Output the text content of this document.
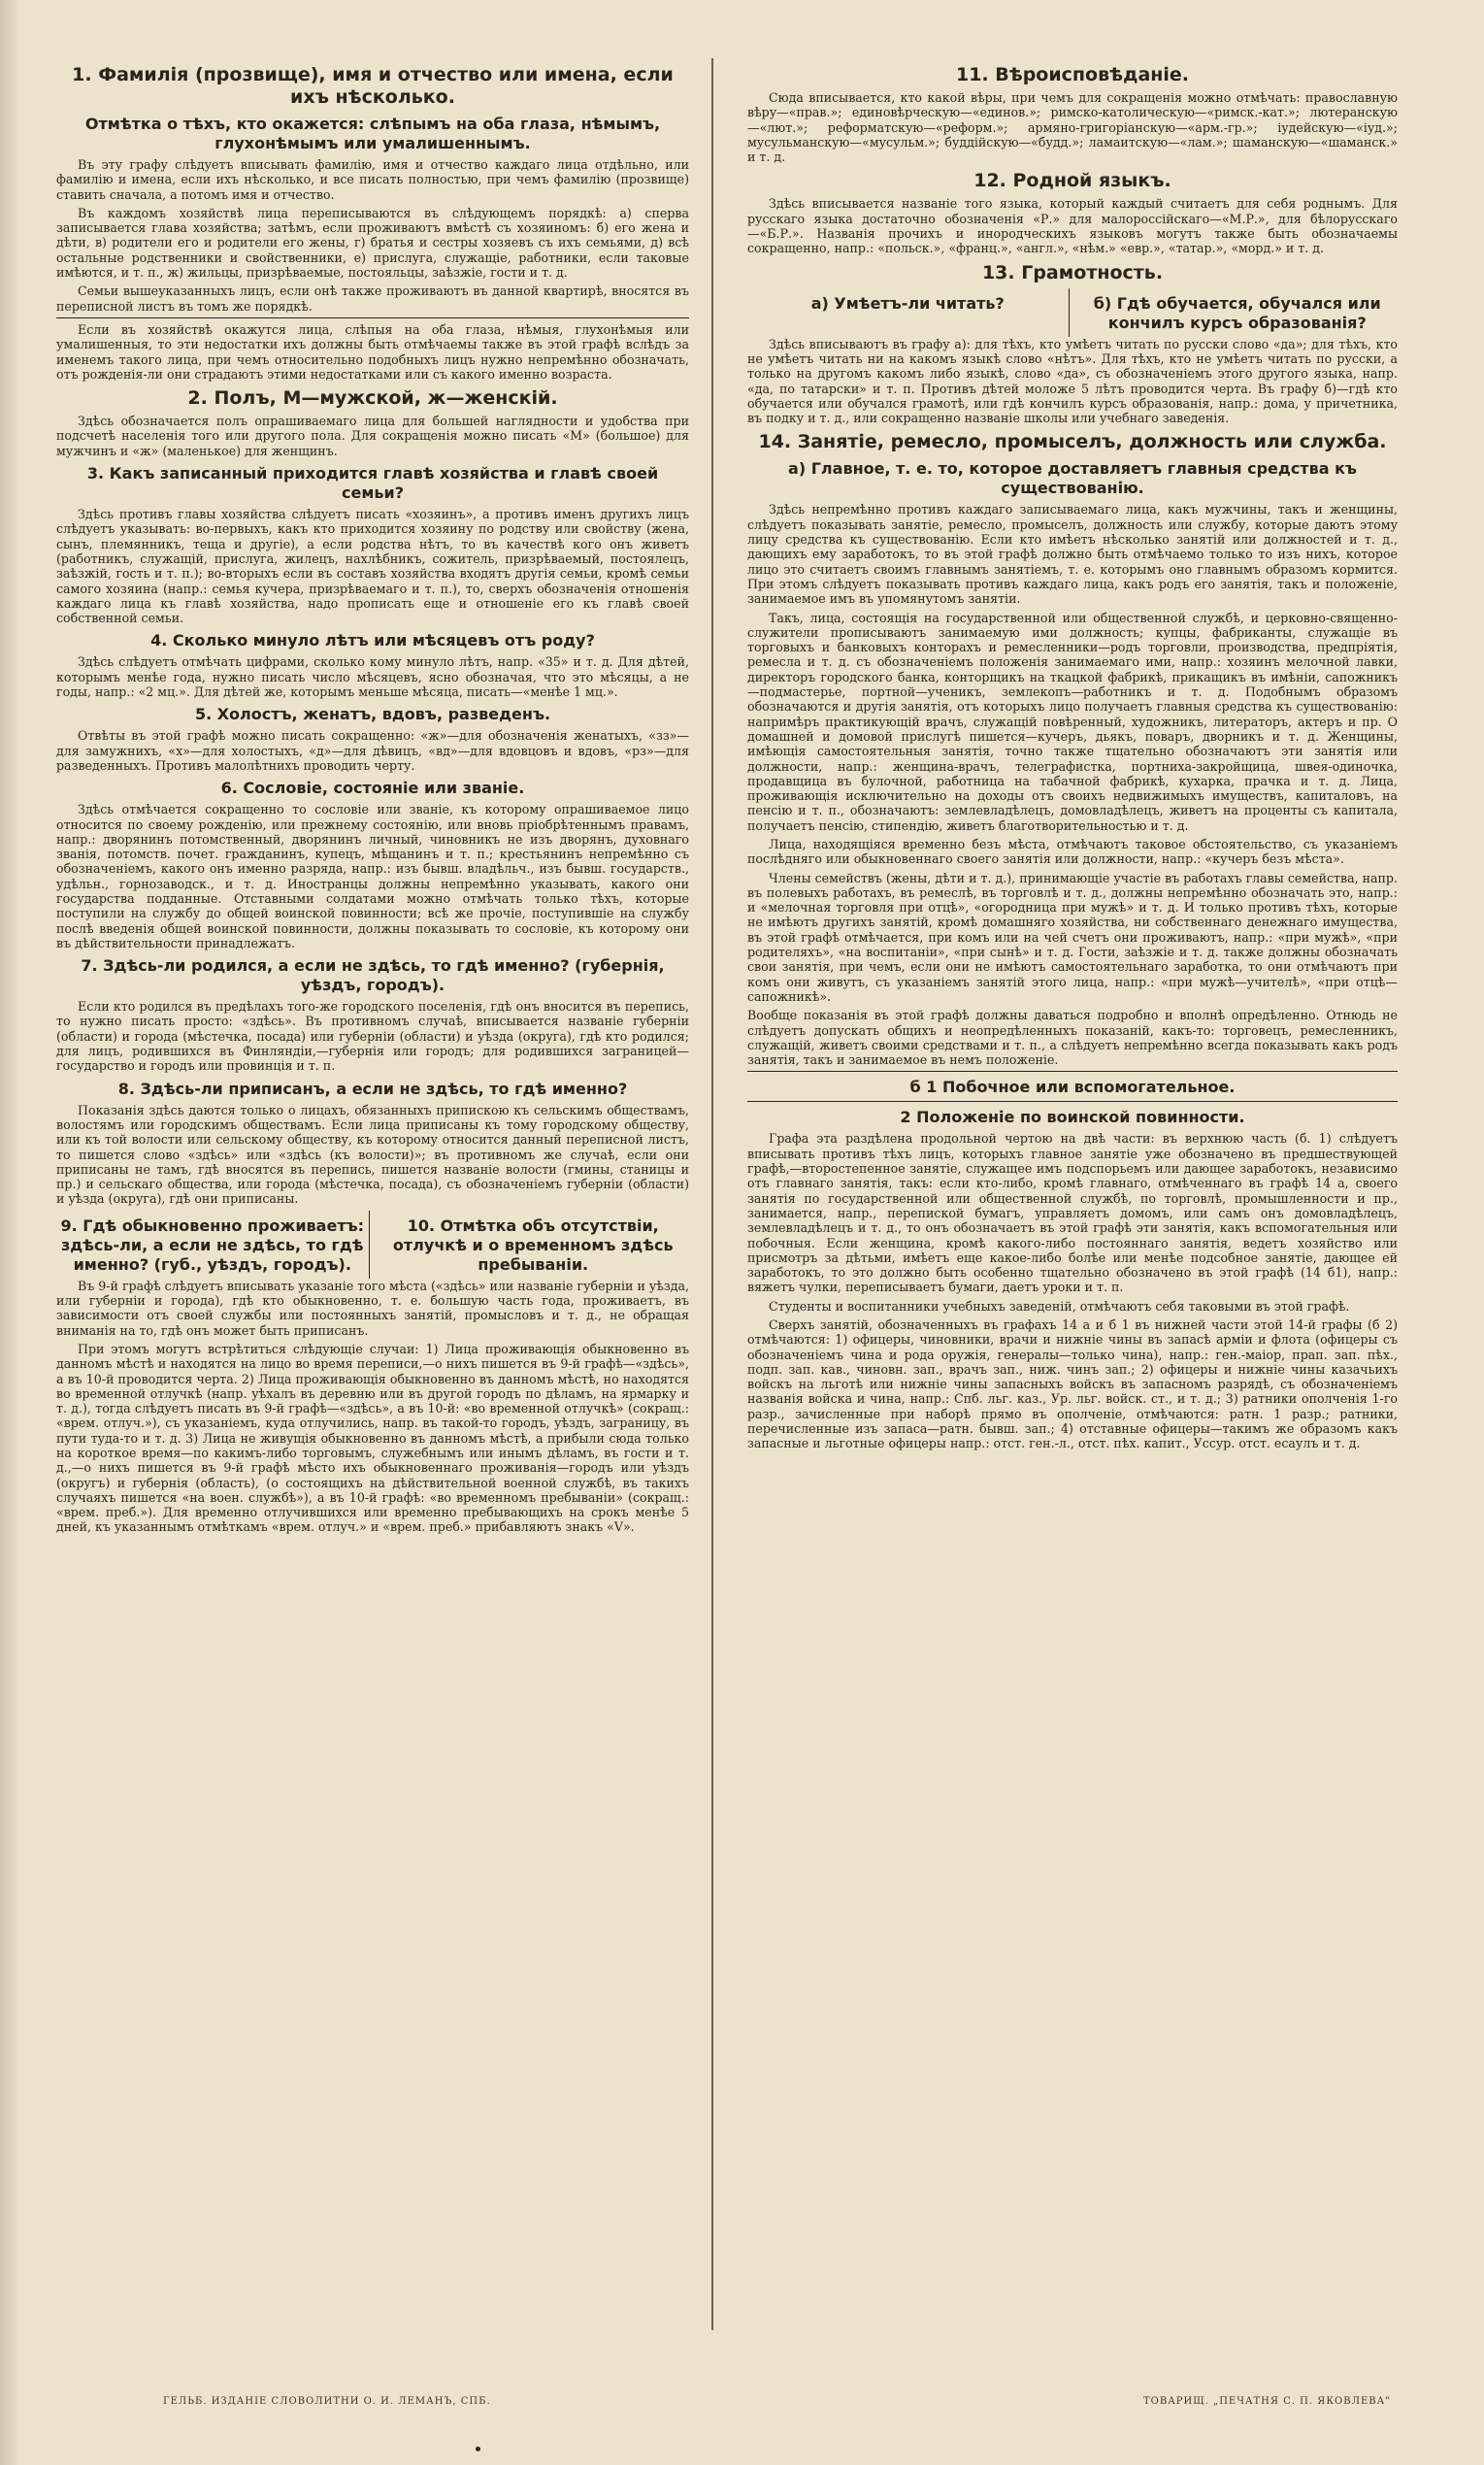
1. Фамилія (прозвище), имя и отчество или имена, если ихъ нѣсколько.
Отмѣтка о тѣхъ, кто окажется: слѣпымъ на оба глаза, нѣмымъ, глухонѣмымъ или умалишеннымъ.

Въ эту графу слѣдуетъ вписывать фамилію, имя и отчество каждаго лица отдѣльно, или фамилію и имена, если ихъ нѣсколько, и все писать полностью, при чемъ фамилію (прозвище) ставить сначала, а потомъ имя и отчество.

Въ каждомъ хозяйствѣ лица переписываются въ слѣдующемъ порядкѣ: а) сперва записывается глава хозяйства; затѣмъ, если проживаютъ вмѣстѣ съ хозяиномъ: б) его жена и дѣти, в) родители его и родители его жены, г) братья и сестры хозяевъ съ ихъ семьями, д) всѣ остальные родственники и свойственники, е) прислуга, служащіе, работники, если таковые имѣются, и т. п., ж) жильцы, призрѣваемые, постояльцы, заѣзжіе, гости и т. д.

Семьи вышеуказанныхъ лицъ, если онѣ также проживаютъ въ данной квартирѣ, вносятся въ переписной листъ въ томъ же порядкѣ.

Если въ хозяйствѣ окажутся лица, слѣпыя на оба глаза, нѣмыя, глухонѣмыя или умалишенныя, то эти недостатки ихъ должны быть отмѣчаемы также въ этой графѣ вслѣдъ за именемъ такого лица, при чемъ относительно подобныхъ лицъ нужно непремѣнно обозначать, отъ рожденія-ли они страдаютъ этими недостатками или съ какого именно возраста.

2. Полъ, М—мужской, ж—женскій.

Здѣсь обозначается полъ опрашиваемаго лица для большей наглядности и удобства при подсчетѣ населенія того или другого пола. Для сокращенія можно писать «М» (большое) для мужчинъ и «ж» (маленькое) для женщинъ.

3. Какъ записанный приходится главѣ хозяйства и главѣ своей семьи?

Здѣсь противъ главы хозяйства слѣдуетъ писать «хозяинъ», а противъ именъ другихъ лицъ слѣдуетъ указывать: во-первыхъ, какъ кто приходится хозяину по родству или свойству (жена, сынъ, племянникъ, теща и другіе), а если родства нѣтъ, то въ качествѣ кого онъ живетъ (работникъ, служащій, прислуга, жилецъ, нахлѣбникъ, сожитель, призрѣваемый, постоялецъ, заѣзжій, гость и т. п.); во-вторыхъ если въ составъ хозяйства входятъ другія семьи, кромѣ семьи самого хозяина (напр.: семья кучера, призрѣваемаго и т. п.), то, сверхъ обозначенія отношенія каждаго лица къ главѣ хозяйства, надо прописать еще и отношеніе его къ главѣ своей собственной семьи.

4. Сколько минуло лѣтъ или мѣсяцевъ отъ роду?

Здѣсь слѣдуетъ отмѣчать цифрами, сколько кому минуло лѣтъ, напр. «35» и т. д. Для дѣтей, которымъ менѣе года, нужно писать число мѣсяцевъ, ясно обозначая, что это мѣсяцы, а не годы, напр.: «2 мц.». Для дѣтей же, которымъ меньше мѣсяца, писать—«менѣе 1 мц.».

5. Холостъ, женатъ, вдовъ, разведенъ.

Отвѣты въ этой графѣ можно писать сокращенно: «ж»—для обозначенія женатыхъ, «зз»—для замужнихъ, «х»—для холостыхъ, «д»—для дѣвицъ, «вд»—для вдовцовъ и вдовъ, «рз»—для разведенныхъ. Противъ малолѣтнихъ проводить черту.

6. Сословіе, состояніе или званіе.

Здѣсь отмѣчается сокращенно то сословіе или званіе, къ которому опрашиваемое лицо относится по своему рожденію, или прежнему состоянію, или вновь пріобрѣтеннымъ правамъ, напр.: дворянинъ потомственный, дворянинъ личный, чиновникъ не изъ дворянъ, духовнаго званія, потомств. почет. гражданинъ, купецъ, мѣщанинъ и т. п.; крестьянинъ непремѣнно съ обозначеніемъ, какого онъ именно разряда, напр.: изъ бывш. владѣльч., изъ бывш. государств., удѣльн., горнозаводск., и т. д. Иностранцы должны непремѣнно указывать, какого они государства подданные. Отставными солдатами можно отмѣчать только тѣхъ, которые поступили на службу до общей воинской повинности; всѣ же прочіе, поступившіе на службу послѣ введенія общей воинской повинности, должны показывать то сословіе, къ которому они въ дѣйствительности принадлежатъ.

7. Здѣсь-ли родился, а если не здѣсь, то гдѣ именно? (губернія, уѣздъ, городъ).

Если кто родился въ предѣлахъ того-же городского поселенія, гдѣ онъ вносится въ перепись, то нужно писать просто: «здѣсь». Въ противномъ случаѣ, вписывается названіе губерніи (области) и города (мѣстечка, посада) или губерніи (области) и уѣзда (округа), гдѣ кто родился; для лицъ, родившихся въ Финляндіи,—губернія или городъ; для родившихся заграницей—государство и городъ или провинція и т. п.

8. Здѣсь-ли приписанъ, а если не здѣсь, то гдѣ именно?

Показанія здѣсь даются только о лицахъ, обязанныхъ припискою къ сельскимъ обществамъ, волостямъ или городскимъ обществамъ. Если лица приписаны къ тому городскому обществу, или къ той волости или сельскому обществу, къ которому относится данный переписной листъ, то пишется слово «здѣсь» или «здѣсь (къ волости)»; въ противномъ же случаѣ, если они приписаны не тамъ, гдѣ вносятся въ перепись, пишется названіе волости (гмины, станицы и пр.) и сельскаго общества, или города (мѣстечка, посада), съ обозначеніемъ губерніи (области) и уѣзда (округа), гдѣ они приписаны.

9. Гдѣ обыкновенно проживаетъ: здѣсь-ли, а если не здѣсь, то гдѣ именно? (губ., уѣздъ, городъ).
10. Отмѣтка объ отсутствіи, отлучкѣ и о временномъ здѣсь пребываніи.

Въ 9-й графѣ слѣдуетъ вписывать указаніе того мѣста («здѣсь» или названіе губерніи и уѣзда, или губерніи и города), гдѣ кто обыкновенно, т. е. большую часть года, проживаетъ, въ зависимости отъ своей службы или постоянныхъ занятій, промысловъ и т. д., не обращая вниманія на то, гдѣ онъ может быть приписанъ.

При этомъ могутъ встрѣтиться слѣдующіе случаи: 1) Лица проживающія обыкновенно въ данномъ мѣстѣ и находятся на лицо во время переписи,—о нихъ пишется въ 9-й графѣ—«здѣсь», а въ 10-й проводится черта. 2) Лица проживающія обыкновенно въ данномъ мѣстѣ, но находятся во временной отлучкѣ (напр. уѣхалъ въ деревню или въ другой городъ по дѣламъ, на ярмарку и т. д.), тогда слѣдуетъ писать въ 9-й графѣ—«здѣсь», а въ 10-й: «во временной отлучкѣ» (сокращ.: «врем. отлуч.»), съ указаніемъ, куда отлучились, напр. въ такой-то городъ, уѣздъ, заграницу, въ пути туда-то и т. д. 3) Лица не живущія обыкновенно въ данномъ мѣстѣ, а прибыли сюда только на короткое время—по какимъ-либо торговымъ, служебнымъ или инымъ дѣламъ, въ гости и т. д.,—о нихъ пишется въ 9-й графѣ мѣсто ихъ обыкновеннаго проживанія—городъ или уѣздъ (округъ) и губернія (область), (о состоящихъ на дѣйствительной военной службѣ, въ такихъ случаяхъ пишется «на воен. службѣ»), а въ 10-й графѣ: «во временномъ пребываніи» (сокращ.: «врем. преб.»). Для временно отлучившихся или временно пребывающихъ на срокъ менѣе 5 дней, къ указаннымъ отмѣткамъ «врем. отлуч.» и «врем. преб.» прибавляютъ знакъ «V».

11. Вѣроисповѣданіе.

Сюда вписывается, кто какой вѣры, при чемъ для сокращенія можно отмѣчать: православную вѣру—«прав.»; единовѣрческую—«единов.»; римско-католическую—«римск.-кат.»; лютеранскую—«лют.»; реформатскую—«реформ.»; армяно-григоріанскую—«арм.-гр.»; іудейскую—«іуд.»; мусульманскую—«мусульм.»; буддійскую—«будд.»; ламаитскую—«лам.»; шаманскую—«шаманск.» и т. д.

12. Родной языкъ.

Здѣсь вписывается названіе того языка, который каждый считаетъ для себя роднымъ. Для русскаго языка достаточно обозначенія «Р.» для малороссійскаго—«М.Р.», для бѣлорусскаго—«Б.Р.». Названія прочихъ и инородческихъ языковъ могутъ также быть обозначаемы сокращенно, напр.: «польск.», «франц.», «англ.», «нѣм.» «евр.», «татар.», «морд.» и т. д.

13. Грамотность.
а) Умѣетъ-ли читать?	б) Гдѣ обучается, обучался или кончилъ курсъ образованія?

Здѣсь вписываютъ въ графу а): для тѣхъ, кто умѣетъ читать по русски слово «да»; для тѣхъ, кто не умѣетъ читать ни на какомъ языкѣ слово «нѣтъ». Для тѣхъ, кто не умѣетъ читать по русски, а только на другомъ какомъ либо языкѣ, слово «да», съ обозначеніемъ этого другого языка, напр. «да, по татарски» и т. п. Противъ дѣтей моложе 5 лѣтъ проводится черта. Въ графу б)—гдѣ кто обучается или обучался грамотѣ, или гдѣ кончилъ курсъ образованія, напр.: дома, у причетника, въ подку и т. д., или сокращенно названіе школы или учебнаго заведенія.

14. Занятіе, ремесло, промыселъ, должность или служба.
а) Главное, т. е. то, которое доставляетъ главныя средства къ существованію.

Здѣсь непремѣнно противъ каждаго записываемаго лица, какъ мужчины, такъ и женщины, слѣдуетъ показывать занятіе, ремесло, промыселъ, должность или службу, которые даютъ этому лицу средства къ существованію. Если кто имѣетъ нѣсколько занятій или должностей и т. д., дающихъ ему заработокъ, то въ этой графѣ должно быть отмѣчаемо только то изъ нихъ, которое лицо это считаетъ своимъ главнымъ занятіемъ, т. е. которымъ оно главнымъ образомъ кормится. При этомъ слѣдуетъ показывать противъ каждаго лица, какъ родъ его занятія, такъ и положеніе, занимаемое имъ въ упомянутомъ занятіи.

Такъ, лица, состоящія на государственной или общественной службѣ, и церковно-священно-служители прописываютъ занимаемую ими должность; купцы, фабриканты, служащіе въ торговыхъ и банковыхъ конторахъ и ремесленники—родъ торговли, производства, предпріятія, ремесла и т. д. съ обозначеніемъ положенія занимаемаго ими, напр.: хозяинъ мелочной лавки, директоръ городского банка, конторщикъ на ткацкой фабрикѣ, прикащикъ въ имѣніи, сапожникъ—подмастерье, портной—ученикъ, землекопъ—работникъ и т. д. Подобнымъ образомъ обозначаются и другія занятія, отъ которыхъ лицо получаетъ главныя средства къ существованію: напримѣръ практикующій врачъ, служащій повѣренный, художникъ, литераторъ, актеръ и пр. О домашней и домовой прислугѣ пишется—кучеръ, дьякъ, поваръ, дворникъ и т. д. Женщины, имѣющія самостоятельныя занятія, точно также тщательно обозначаютъ эти занятія или должности, напр.: женщина-врачъ, телеграфистка, портниха-закройщица, швея-одиночка, продавщица въ булочной, работница на табачной фабрикѣ, кухарка, прачка и т. д. Лица, проживающія исключительно на доходы отъ своихъ недвижимыхъ имуществъ, капиталовъ, на пенсію и т. п., обозначаютъ: землевладѣлецъ, домовладѣлецъ, живетъ на проценты съ капитала, получаетъ пенсію, стипендію, живетъ благотворительностью и т. д.

Лица, находящіяся временно безъ мѣста, отмѣчаютъ таковое обстоятельство, съ указаніемъ послѣдняго или обыкновеннаго своего занятія или должности, напр.: «кучеръ безъ мѣста».

Члены семействъ (жены, дѣти и т. д.), принимающіе участіе въ работахъ главы семейства, напр. въ полевыхъ работахъ, въ ремеслѣ, въ торговлѣ и т. д., должны непремѣнно обозначать это, напр.: и «мелочная торговля при отцѣ», «огородница при мужѣ» и т. д. И только противъ тѣхъ, которые не имѣютъ другихъ занятій, кромѣ домашняго хозяйства, ни собственнаго денежнаго имущества, въ этой графѣ отмѣчается, при комъ или на чей счетъ они проживаютъ, напр.: «при мужѣ», «при родителяхъ», «на воспитаніи», «при сынѣ» и т. д. Гости, заѣзжіе и т. д. также должны обозначать свои занятія, при чемъ, если они не имѣютъ самостоятельнаго заработка, то они отмѣчаютъ при комъ они живутъ, съ указаніемъ занятій этого лица, напр.: «при мужѣ—учителѣ», «при отцѣ—сапожникѣ».

Вообще показанія въ этой графѣ должны даваться подробно и вполнѣ опредѣленно. Отнюдь не слѣдуетъ допускать общихъ и неопредѣленныхъ показаній, какъ-то: торговецъ, ремесленникъ, служащій, живетъ своими средствами и т. п., а слѣдуетъ непремѣнно всегда показывать какъ родъ занятія, такъ и занимаемое въ немъ положеніе.
б 1 Побочное или вспомогательное.
2 Положеніе по воинской повинности.

Графа эта раздѣлена продольной чертою на двѣ части: въ верхнюю часть (б. 1) слѣдуетъ вписывать противъ тѣхъ лицъ, которыхъ главное занятіе уже обозначено въ предшествующей графѣ,—второстепенное занятіе, служащее имъ подспорьемъ или дающее заработокъ, независимо отъ главнаго занятія, такъ: если кто-либо, кромѣ главнаго, отмѣченнаго въ графѣ 14 а, своего занятія по государственной или общественной службѣ, по торговлѣ, промышленности и пр., занимается, напр., перепиской бумагъ, управляетъ домомъ, или самъ онъ домовладѣлецъ, землевладѣлецъ и т. д., то онъ обозначаетъ въ этой графѣ эти занятія, какъ вспомогательныя или побочныя. Если женщина, кромѣ какого-либо постояннаго занятія, ведетъ хозяйство или присмотръ за дѣтьми, имѣетъ еще какое-либо болѣе или менѣе подсобное занятіе, дающее ей заработокъ, то это должно быть особенно тщательно обозначено въ этой графѣ (14 б1), напр.: вяжетъ чулки, переписываетъ бумаги, даетъ уроки и т. п.

Студенты и воспитанники учебныхъ заведеній, отмѣчаютъ себя таковыми въ этой графѣ.

Сверхъ занятій, обозначенныхъ въ графахъ 14 а и б 1 въ нижней части этой 14-й графы (б 2) отмѣчаются: 1) офицеры, чиновники, врачи и нижніе чины въ запасѣ арміи и флота (офицеры съ обозначеніемъ чина и рода оружія, генералы—только чина), напр.: ген.-маіор, прап. зап. пѣх., подп. зап. кав., чиновн. зап., врачъ зап., ниж. чинъ зап.; 2) офицеры и нижніе чины казачьихъ войскъ на льготѣ или нижніе чины запасныхъ войскъ въ запасномъ разрядѣ, съ обозначеніемъ названія войска и чина, напр.: Спб. льг. каз., Ур. льг. войск. ст., и т. д.; 3) ратники ополченія 1-го разр., зачисленные при наборѣ прямо въ ополченіе, отмѣчаются: ратн. 1 разр.; ратники, перечисленные изъ запаса—ратн. бывш. зап.; 4) отставные офицеры—такимъ же образомъ какъ запасные и льготные офицеры напр.: отст. ген.-л., отст. пѣх. капит., Уссур. отст. есаулъ и т. д.

ГЕЛЬБ. ИЗДАНІЕ СЛОВОЛИТНИ О. И. ЛЕМАНЪ, СПБ.	ТОВАРИЩ. „ПЕЧАТНЯ С. П. ЯКОВЛЕВА"
